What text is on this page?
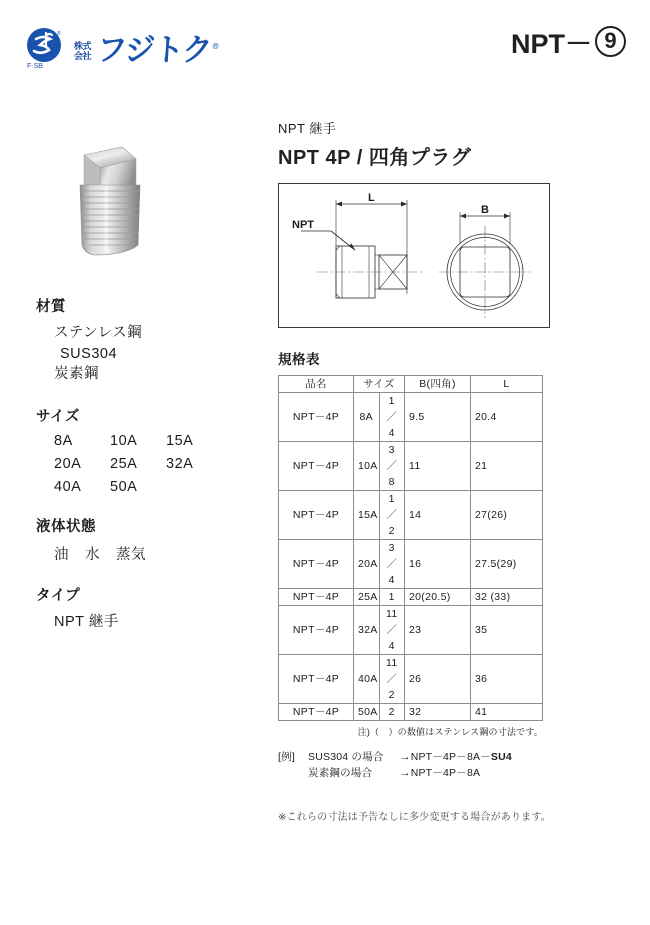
F·SB
®
株式
会社 フジトク®	NPT－ 9
材質
ステンレス鋼
SUS304
炭素鋼
サイズ
8A	10A	15A
20A	25A	32A
40A	50A
液体状態
油 水 蒸気
タイプ
NPT 継手
NPT 継手
NPT 4P / 四角プラグ
NPT
L
B
規格表
品名	サイズ		B(四角)	L
NPT－4P	8A	1／4	9.5	20.4
NPT－4P	10A	3／8	11	21
NPT－4P	15A	1／2	14	27(26)
NPT－4P	20A	3／4	16	27.5(29)
NPT－4P	25A	1	20(20.5)	32 (33)
NPT－4P	32A	11／4	23	35
NPT－4P	40A	11／2	26	36
NPT－4P	50A	2	32	41
注)（　）の数値はステンレス鋼の寸法です。
[例]	SUS304 の場合	→NPT－4P－8A－SU4
炭素鋼の場合	→NPT－4P－8A
※これらの寸法は予告なしに多少変更する場合があります。
